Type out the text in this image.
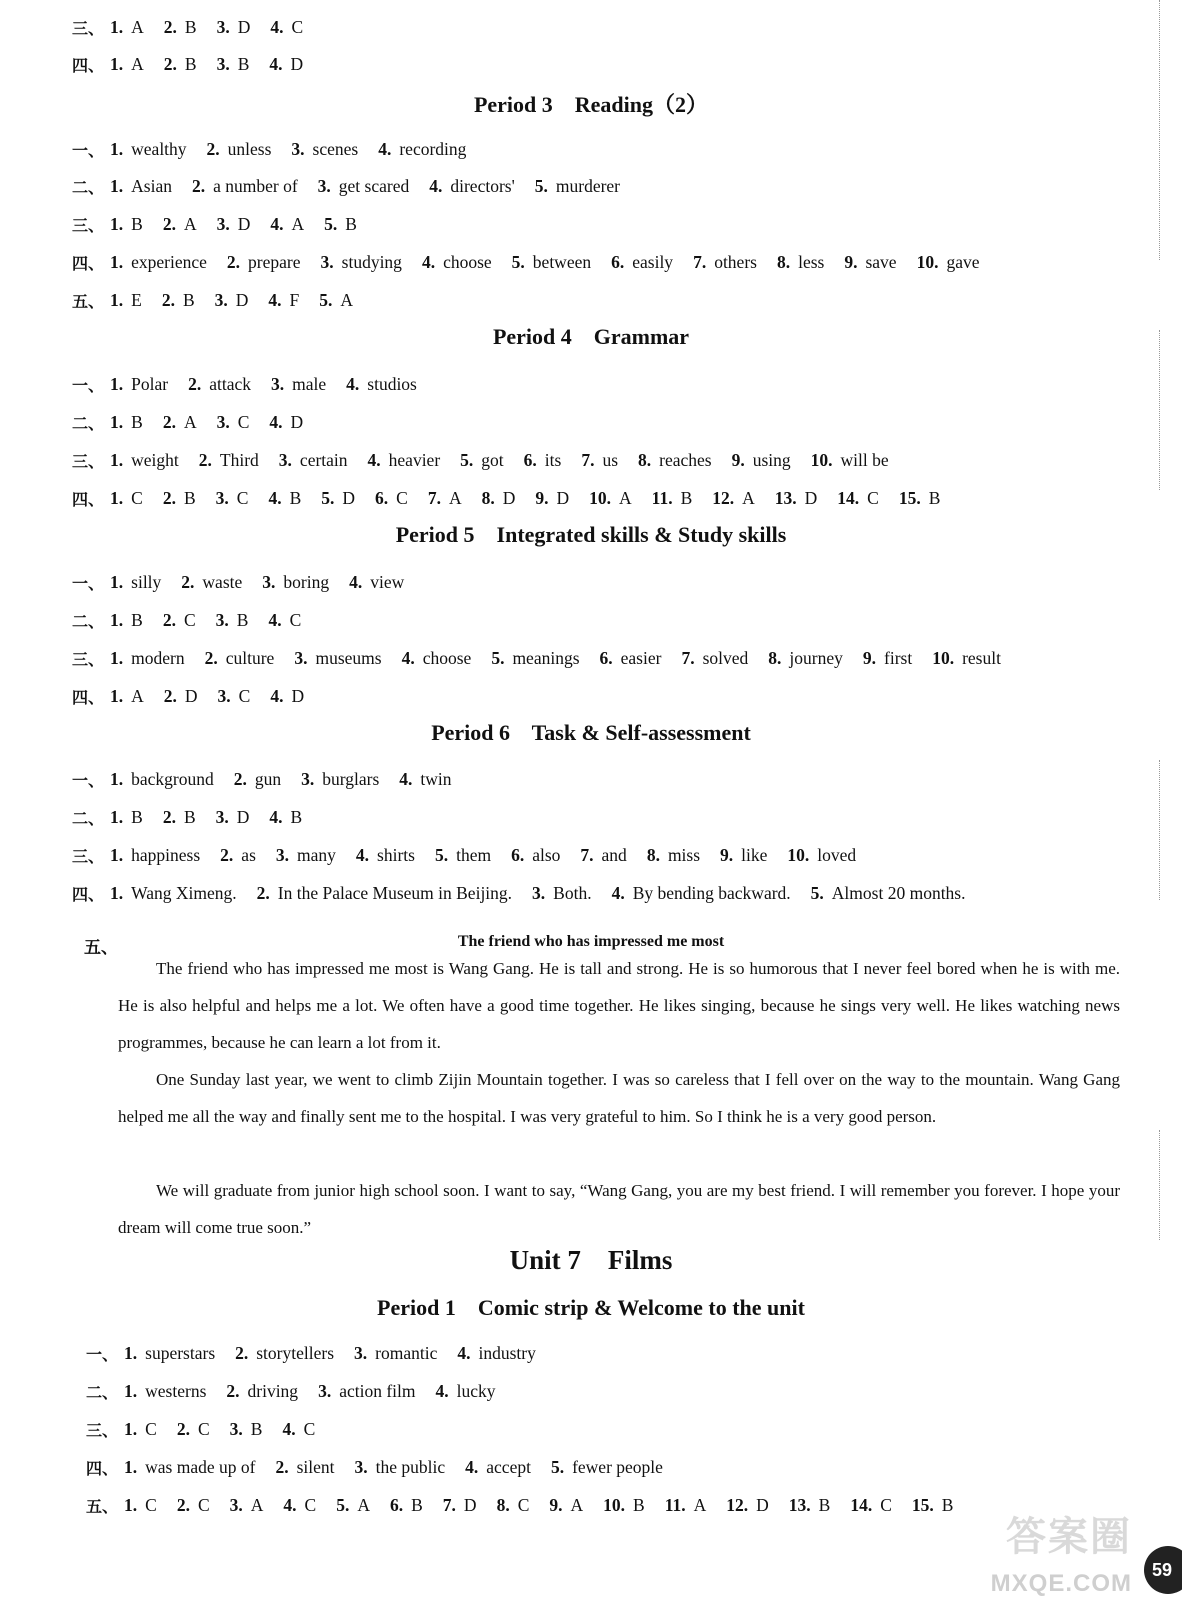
三、 1. A 2. B 3. D 4. C
四、 1. A 2. B 3. B 4. D
Period 3    Reading（2）
一、 1. wealthy 2. unless 3. scenes 4. recording
二、 1. Asian 2. a number of 3. get scared 4. directors' 5. murderer
三、 1. B 2. A 3. D 4. A 5. B
四、 1. experience 2. prepare 3. studying 4. choose 5. between 6. easily 7. others 8. less 9. save 10. gave
五、 1. E 2. B 3. D 4. F 5. A
Period 4    Grammar
一、 1. Polar 2. attack 3. male 4. studios
二、 1. B 2. A 3. C 4. D
三、 1. weight 2. Third 3. certain 4. heavier 5. got 6. its 7. us 8. reaches 9. using 10. will be
四、 1. C 2. B 3. C 4. B 5. D 6. C 7. A 8. D 9. D 10. A 11. B 12. A 13. D 14. C 15. B
Period 5    Integrated skills & Study skills
一、 1. silly 2. waste 3. boring 4. view
二、 1. B 2. C 3. B 4. C
三、 1. modern 2. culture 3. museums 4. choose 5. meanings 6. easier 7. solved 8. journey 9. first 10. result
四、 1. A 2. D 3. C 4. D
Period 6    Task & Self-assessment
一、 1. background 2. gun 3. burglars 4. twin
二、 1. B 2. B 3. D 4. B
三、 1. happiness 2. as 3. many 4. shirts 5. them 6. also 7. and 8. miss 9. like 10. loved
四、 1. Wang Ximeng. 2. In the Palace Museum in Beijing. 3. Both. 4. By bending backward. 5. Almost 20 months.
五、	The friend who has impressed me most
The friend who has impressed me most is Wang Gang. He is tall and strong. He is so humorous that I never feel bored when he is with me. He is also helpful and helps me a lot. We often have a good time together. He likes singing, because he sings very well. He likes watching news programmes, because he can learn a lot from it.
One Sunday last year, we went to climb Zijin Mountain together. I was so careless that I fell over on the way to the mountain. Wang Gang helped me all the way and finally sent me to the hospital. I was very grateful to him. So I think he is a very good person.
We will graduate from junior high school soon. I want to say, “Wang Gang, you are my best friend. I will remember you forever. I hope your dream will come true soon.”
Unit 7    Films
Period 1    Comic strip & Welcome to the unit
一、 1. superstars 2. storytellers 3. romantic 4. industry
二、 1. westerns 2. driving 3. action film 4. lucky
三、 1. C 2. C 3. B 4. C
四、 1. was made up of 2. silent 3. the public 4. accept 5. fewer people
五、 1. C 2. C 3. A 4. C 5. A 6. B 7. D 8. C 9. A 10. B 11. A 12. D 13. B 14. C 15. B
答案圈
MXQE.COM
59
